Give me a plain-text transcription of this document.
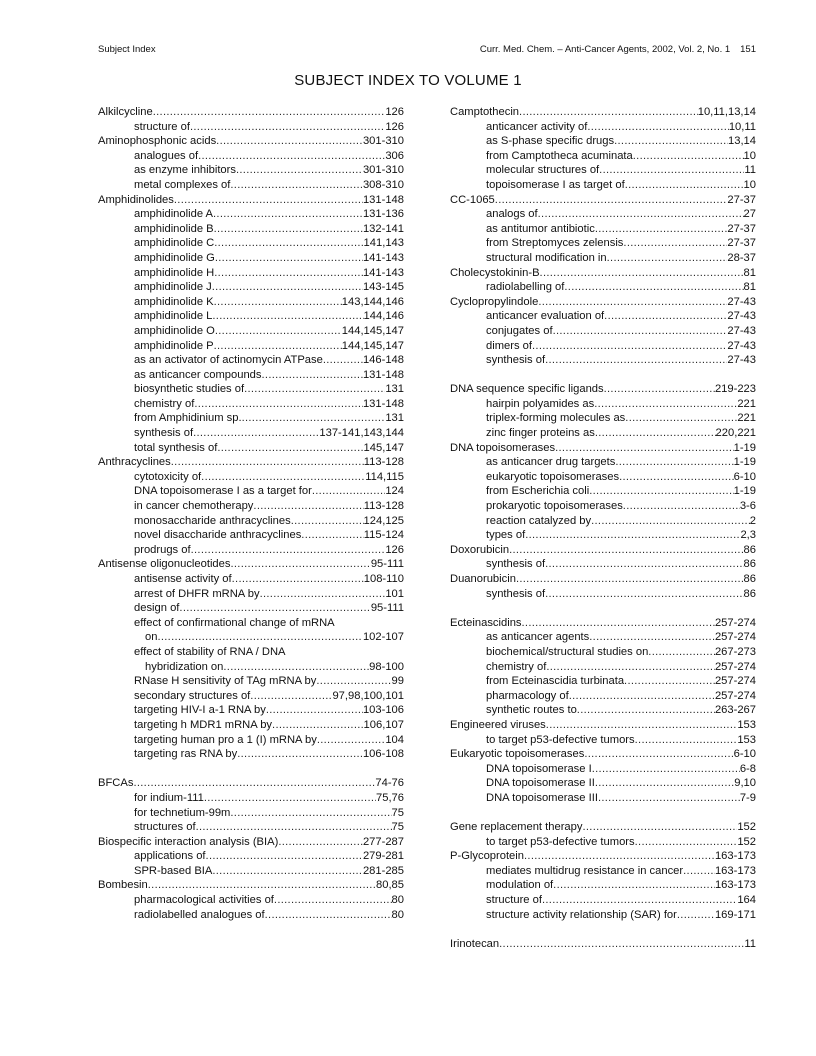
Subject Index	Curr. Med. Chem. – Anti-Cancer Agents, 2002, Vol. 2, No. 1 151
SUBJECT INDEX TO VOLUME 1
Alkilcycline .....	126
structure of .....	126
Aminophosphonic acids .....	301-310
analogues of .....	306
as enzyme inhibitors .....	301-310
metal complexes of .....	308-310
Amphidinolides .....	131-148
amphidinolide A .....	131-136
amphidinolide B .....	132-141
amphidinolide C .....	141,143
amphidinolide G .....	141-143
amphidinolide H .....	141-143
amphidinolide J .....	143-145
amphidinolide K .....	143,144,146
amphidinolide L .....	144,146
amphidinolide O .....	144,145,147
amphidinolide P .....	144,145,147
as an activator of actinomycin ATPase .....	146-148
as anticancer compounds .....	131-148
biosynthetic studies of .....	131
chemistry of .....	131-148
from Amphidinium sp. .....	131
synthesis of .....	137-141,143,144
total synthesis of .....	145,147
Anthracyclines .....	113-128
cytotoxicity of .....	114,115
DNA topoisomerase I as a target for .....	124
in cancer chemotherapy .....	113-128
monosaccharide anthracyclines .....	124,125
novel disaccharide anthracyclines .....	115-124
prodrugs of .....	126
Antisense oligonucleotides .....	95-111
antisense activity of .....	108-110
arrest of DHFR mRNA by .....	101
design of .....	95-111
effect of confirmational change of mRNA
on .....	102-107
effect of stability of RNA / DNA
hybridization on .....	98-100
RNase H sensitivity of TAg mRNA by .....	99
secondary structures of .....	97,98,100,101
targeting HIV-I a-1 RNA by .....	103-106
targeting h MDR1 mRNA by .....	106,107
targeting human pro a 1 (I) mRNA by .....	104
targeting ras RNA by .....	106-108
BFCAs .....	74-76
for indium-111 .....	75,76
for technetium-99m .....	75
structures of .....	75
Biospecific interaction analysis (BIA) .....	277-287
applications of .....	279-281
SPR-based BIA .....	281-285
Bombesin .....	80,85
pharmacological activities of .....	80
radiolabelled analogues of .....	80
Camptothecin .....	10,11,13,14
anticancer activity of .....	10,11
as S-phase specific drugs .....	13,14
from Camptotheca acuminata .....	10
molecular structures of .....	11
topoisomerase I as target of .....	10
CC-1065 .....	27-37
analogs of .....	27
as antitumor antibiotic .....	27-37
from Streptomyces zelensis .....	27-37
structural modification in .....	28-37
Cholecystokinin-B .....	81
radiolabelling of .....	81
Cyclopropylindole .....	27-43
anticancer evaluation of .....	27-43
conjugates of .....	27-43
dimers of .....	27-43
synthesis of .....	27-43
DNA sequence specific ligands .....	219-223
hairpin polyamides as .....	221
triplex-forming molecules as .....	221
zinc finger proteins as .....	220,221
DNA topoisomerases .....	1-19
as anticancer drug targets .....	1-19
eukaryotic topoisomerases .....	6-10
from Escherichia coli .....	1-19
prokaryotic topoisomerases .....	3-6
reaction catalyzed by .....	2
types of .....	2,3
Doxorubicin .....	86
synthesis of .....	86
Duanorubicin .....	86
synthesis of .....	86
Ecteinascidins .....	257-274
as anticancer agents .....	257-274
biochemical/structural studies on .....	267-273
chemistry of .....	257-274
from Ecteinascidia turbinata .....	257-274
pharmacology of .....	257-274
synthetic routes to .....	263-267
Engineered viruses .....	153
to target p53-defective tumors .....	153
Eukaryotic topoisomerases .....	6-10
DNA topoisomerase I .....	6-8
DNA topoisomerase II .....	9,10
DNA topoisomerase III .....	7-9
Gene replacement therapy .....	152
to target p53-defective tumors .....	152
P-Glycoprotein .....	163-173
mediates multidrug resistance in cancer .....	163-173
modulation of .....	163-173
structure of .....	164
structure activity relationship (SAR) for .....	169-171
Irinotecan .....	11
